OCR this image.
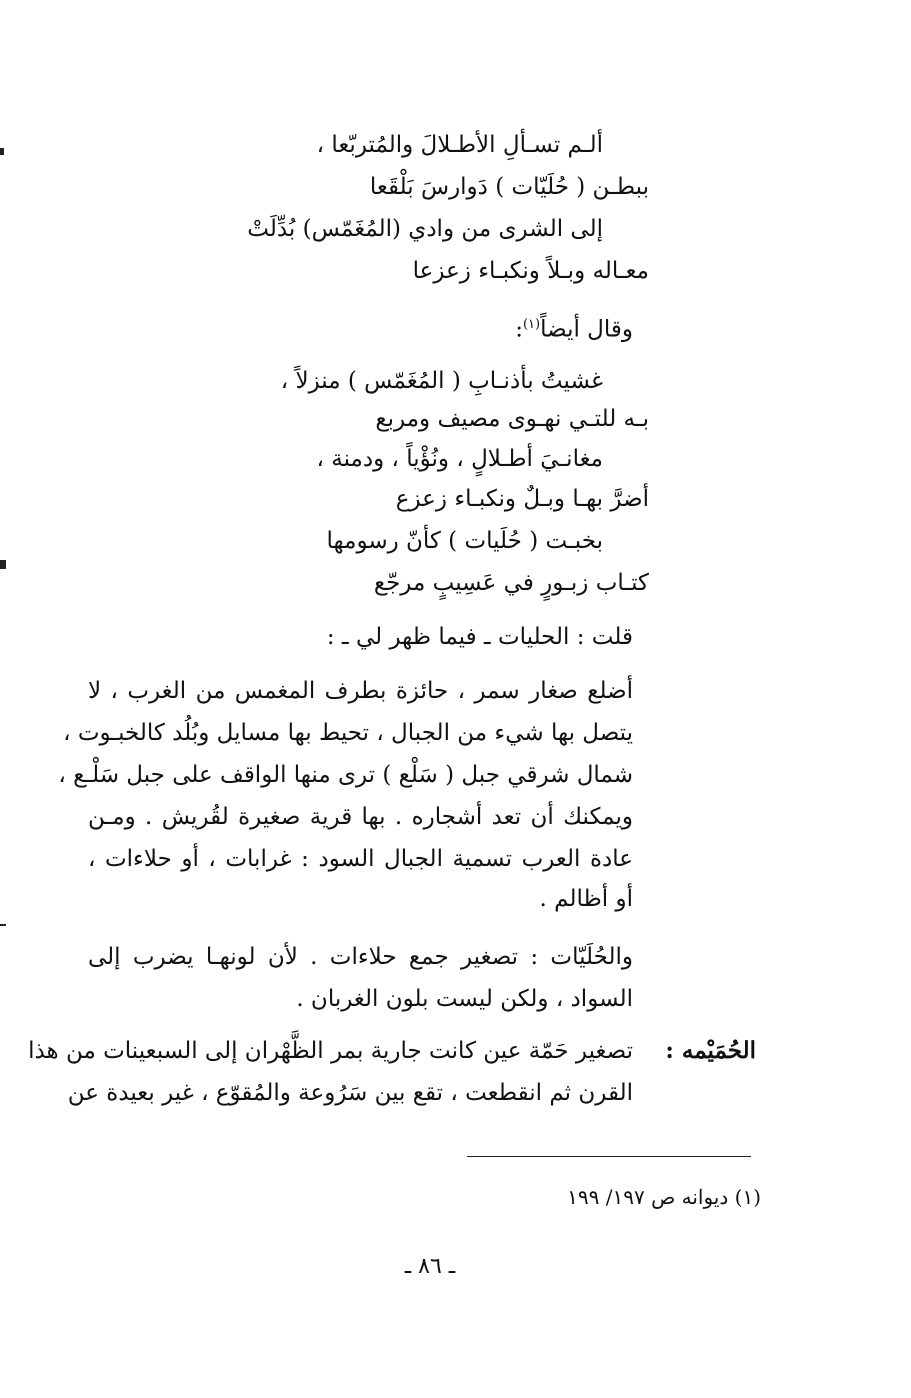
ألـم تسـألِ الأطـلالَ والمُتربّعا ،
ببطـن ( حُلَيّات ) دَوارسَ بَلْقَعا
إلى الشرى من وادي (المُغَمّس) بُدِّلَتْ
معـاله وبـلاً ونكبـاء زعزعا
وقال أيضاً$^{(١)}$:
غشيتُ بأذنـابِ ( المُغَمّس ) منزلاً ،
بـه للتـي نهـوى مصيف ومربع
مغانـيَ أطـلالٍ ، ونُؤْياً ، ودمنة ،
أضرَّ بهـا وبـلٌ ونكبـاء زعزع
بخبـت ( حُلَيات ) كأنّ رسومها
كتـاب زبـورٍ في عَسِيبٍ مرجّع
قلت : الحليات ـ فيما ظهر لي ـ :
أضلع صغار سمر ، حائزة بطرف المغمس من الغرب ، لا
يتصل بها شيء من الجبال ، تحيط بها مسايل وبُلُد كالخبـوت ،
شمال شرقي جبل ( سَلْع ) ترى منها الواقف على جبل سَلْـع ،
ويمكنك أن تعد أشجاره . بها قرية صغيرة لقُريش . ومـن
عادة العرب تسمية الجبال السود : غرابات ، أو حلاءات ،
أو أظالم .
والحُلَيّات : تصغير جمع حلاءات . لأن لونهـا يضرب إلى
السواد ، ولكن ليست بلون الغربان .
الحُمَيْمه :
تصغير حَمّة عين كانت جارية بمر الظَّهْران إلى السبعينات من هذا
القرن ثم انقطعت ، تقع بين سَرُوعة والمُقوّع ، غير بعيدة عن
(١) ديوانه ص ١٩٧/ ١٩٩
ـ ٨٦ ـ
